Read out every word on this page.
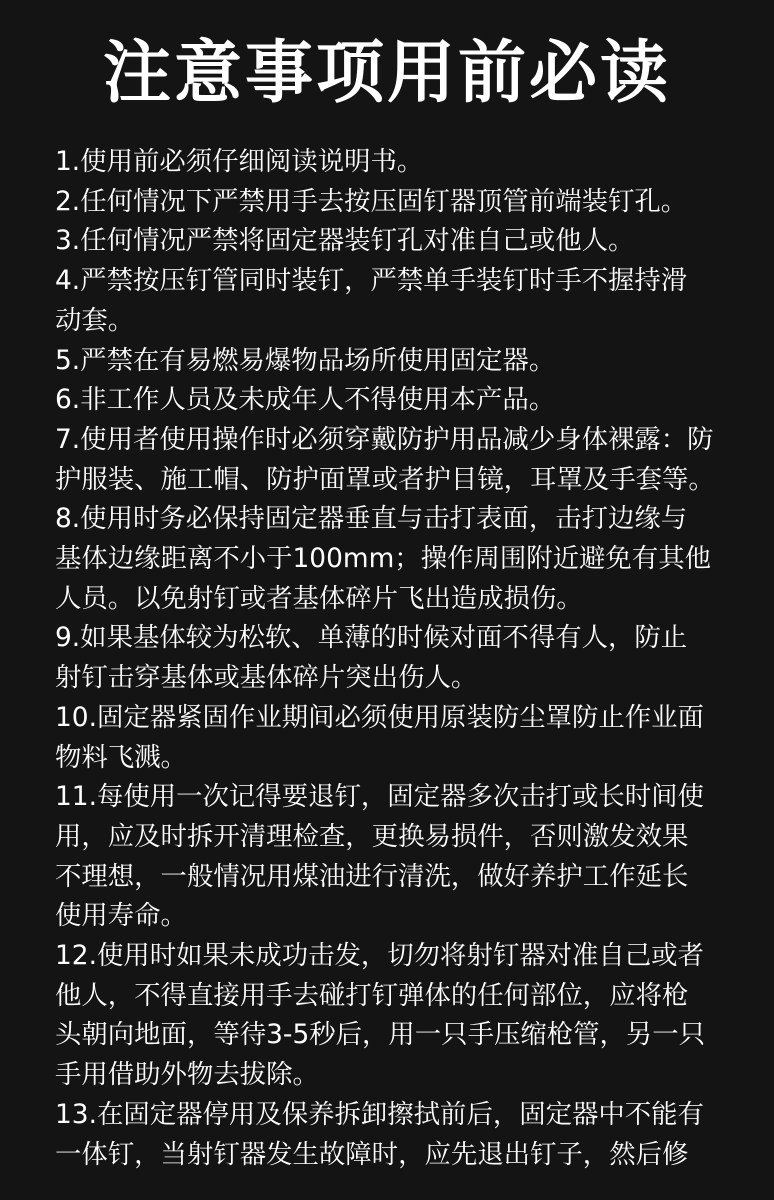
注意事项用前必读
1.使用前必须仔细阅读说明书。
2.任何情况下严禁用手去按压固钉器顶管前端装钉孔。
3.任何情况严禁将固定器装钉孔对准自己或他人。
4.严禁按压钉管同时装钉，严禁单手装钉时手不握持滑
动套。
5.严禁在有易燃易爆物品场所使用固定器。
6.非工作人员及未成年人不得使用本产品。
7.使用者使用操作时必须穿戴防护用品减少身体裸露：防
护服装、施工帽、防护面罩或者护目镜，耳罩及手套等。
8.使用时务必保持固定器垂直与击打表面，击打边缘与
基体边缘距离不小于100mm；操作周围附近避免有其他
人员。以免射钉或者基体碎片飞出造成损伤。
9.如果基体较为松软、单薄的时候对面不得有人，防止
射钉击穿基体或基体碎片突出伤人。
10.固定器紧固作业期间必须使用原装防尘罩防止作业面
物料飞溅。
11.每使用一次记得要退钉，固定器多次击打或长时间使
用，应及时拆开清理检查，更换易损件，否则激发效果
不理想，一般情况用煤油进行清洗，做好养护工作延长
使用寿命。
12.使用时如果未成功击发，切勿将射钉器对准自己或者
他人，不得直接用手去碰打钉弹体的任何部位，应将枪
头朝向地面，等待3-5秒后，用一只手压缩枪管，另一只
手用借助外物去拔除。
13.在固定器停用及保养拆卸擦拭前后，固定器中不能有
一体钉，当射钉器发生故障时，应先退出钉子，然后修
